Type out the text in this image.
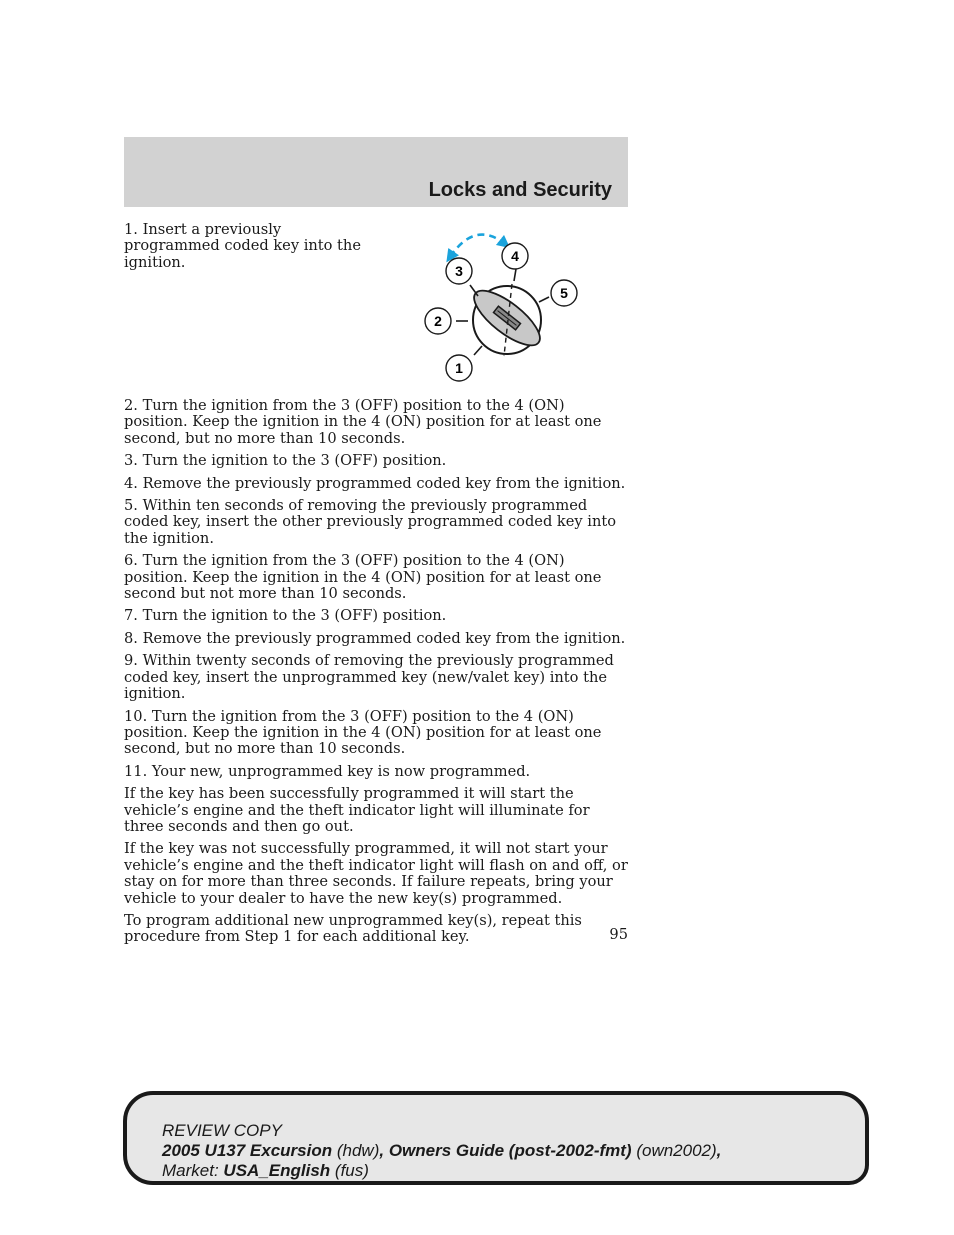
Locks and Security
1. Insert a previously programmed coded key into the ignition.
1
2
3
4
5

2. Turn the ignition from the 3 (OFF) position to the 4 (ON) position. Keep the ignition in the 4 (ON) position for at least one second, but no more than 10 seconds.

3. Turn the ignition to the 3 (OFF) position.

4. Remove the previously programmed coded key from the ignition.

5. Within ten seconds of removing the previously programmed coded key, insert the other previously programmed coded key into the ignition.

6. Turn the ignition from the 3 (OFF) position to the 4 (ON) position. Keep the ignition in the 4 (ON) position for at least one second but not more than 10 seconds.

7. Turn the ignition to the 3 (OFF) position.

8. Remove the previously programmed coded key from the ignition.

9. Within twenty seconds of removing the previously programmed coded key, insert the unprogrammed key (new/valet key) into the ignition.

10. Turn the ignition from the 3 (OFF) position to the 4 (ON) position. Keep the ignition in the 4 (ON) position for at least one second, but no more than 10 seconds.

11. Your new, unprogrammed key is now programmed.

If the key has been successfully programmed it will start the vehicle’s engine and the theft indicator light will illuminate for three seconds and then go out.

If the key was not successfully programmed, it will not start your vehicle’s engine and the theft indicator light will flash on and off, or stay on for more than three seconds. If failure repeats, bring your vehicle to your dealer to have the new key(s) programmed.

To program additional new unprogrammed key(s), repeat this procedure from Step 1 for each additional key.	95
REVIEW COPY
2005 U137 Excursion (hdw), Owners Guide (post-2002-fmt) (own2002),
Market: USA_English (fus)
